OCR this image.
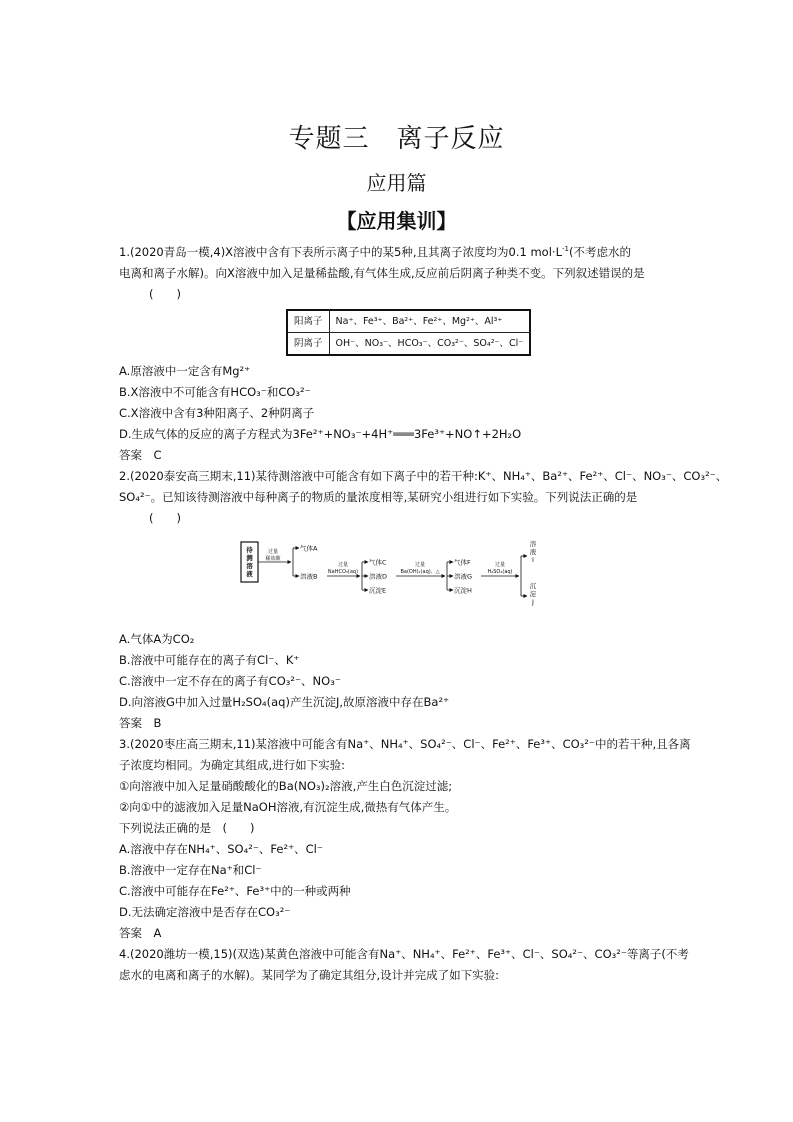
专题三　离子反应
应用篇
【应用集训】
1.(2020青岛一模,4)X溶液中含有下表所示离子中的某5种,且其离子浓度均为0.1 $mol\cdot L^{-1}$(不考虑水的
电离和离子水解)。向X溶液中加入足量稀盐酸,有气体生成,反应前后阴离子种类不变。下列叙述错误的是
(　　)
阳离子	Na⁺、Fe³⁺、Ba²⁺、Fe²⁺、Mg²⁺、Al³⁺
阴离子	OH⁻、NO₃⁻、HCO₃⁻、CO₃²⁻、SO₄²⁻、Cl⁻
A.原溶液中一定含有Mg²⁺
B.X溶液中不可能含有HCO₃⁻和CO₃²⁻
C.X溶液中含有3种阳离子、2种阴离子
D.生成气体的反应的离子方程式为3Fe²⁺+NO₃⁻+4H⁺═══3Fe³⁺+NO↑+2H₂O
答案　C
2.(2020泰安高三期末,11)某待测溶液中可能含有如下离子中的若干种:K⁺、NH₄⁺、Ba²⁺、Fe²⁺、Cl⁻、NO₃⁻、CO₃²⁻、
SO₄²⁻。已知该待测溶液中每种离子的物质的量浓度相等,某研究小组进行如下实验。下列说法正确的是
(　　)
待测溶液
过量
稀盐酸
气体A
溶液B
过量
NaHCO₃(aq)
气体C
溶液D
沉淀E
过量
Ba(OH)₂(aq)、△
气体F
溶液G
沉淀H
过量
H₂SO₄(aq)
溶液 I
沉淀 J
A.气体A为CO₂
B.溶液中可能存在的离子有Cl⁻、K⁺
C.溶液中一定不存在的离子有CO₃²⁻、NO₃⁻
D.向溶液G中加入过量H₂SO₄(aq)产生沉淀J,故原溶液中存在Ba²⁺
答案　B
3.(2020枣庄高三期末,11)某溶液中可能含有Na⁺、NH₄⁺、SO₄²⁻、Cl⁻、Fe²⁺、Fe³⁺、CO₃²⁻中的若干种,且各离
子浓度均相同。为确定其组成,进行如下实验:
①向溶液中加入足量硝酸酸化的Ba(NO₃)₂溶液,产生白色沉淀过滤;
②向①中的滤液加入足量NaOH溶液,有沉淀生成,微热有气体产生。
下列说法正确的是　(　　)
A.溶液中存在NH₄⁺、SO₄²⁻、Fe²⁺、Cl⁻
B.溶液中一定存在Na⁺和Cl⁻
C.溶液中可能存在Fe²⁺、Fe³⁺中的一种或两种
D.无法确定溶液中是否存在CO₃²⁻
答案　A
4.(2020潍坊一模,15)(双选)某黄色溶液中可能含有Na⁺、NH₄⁺、Fe²⁺、Fe³⁺、Cl⁻、SO₄²⁻、CO₃²⁻等离子(不考
虑水的电离和离子的水解)。某同学为了确定其组分,设计并完成了如下实验:
